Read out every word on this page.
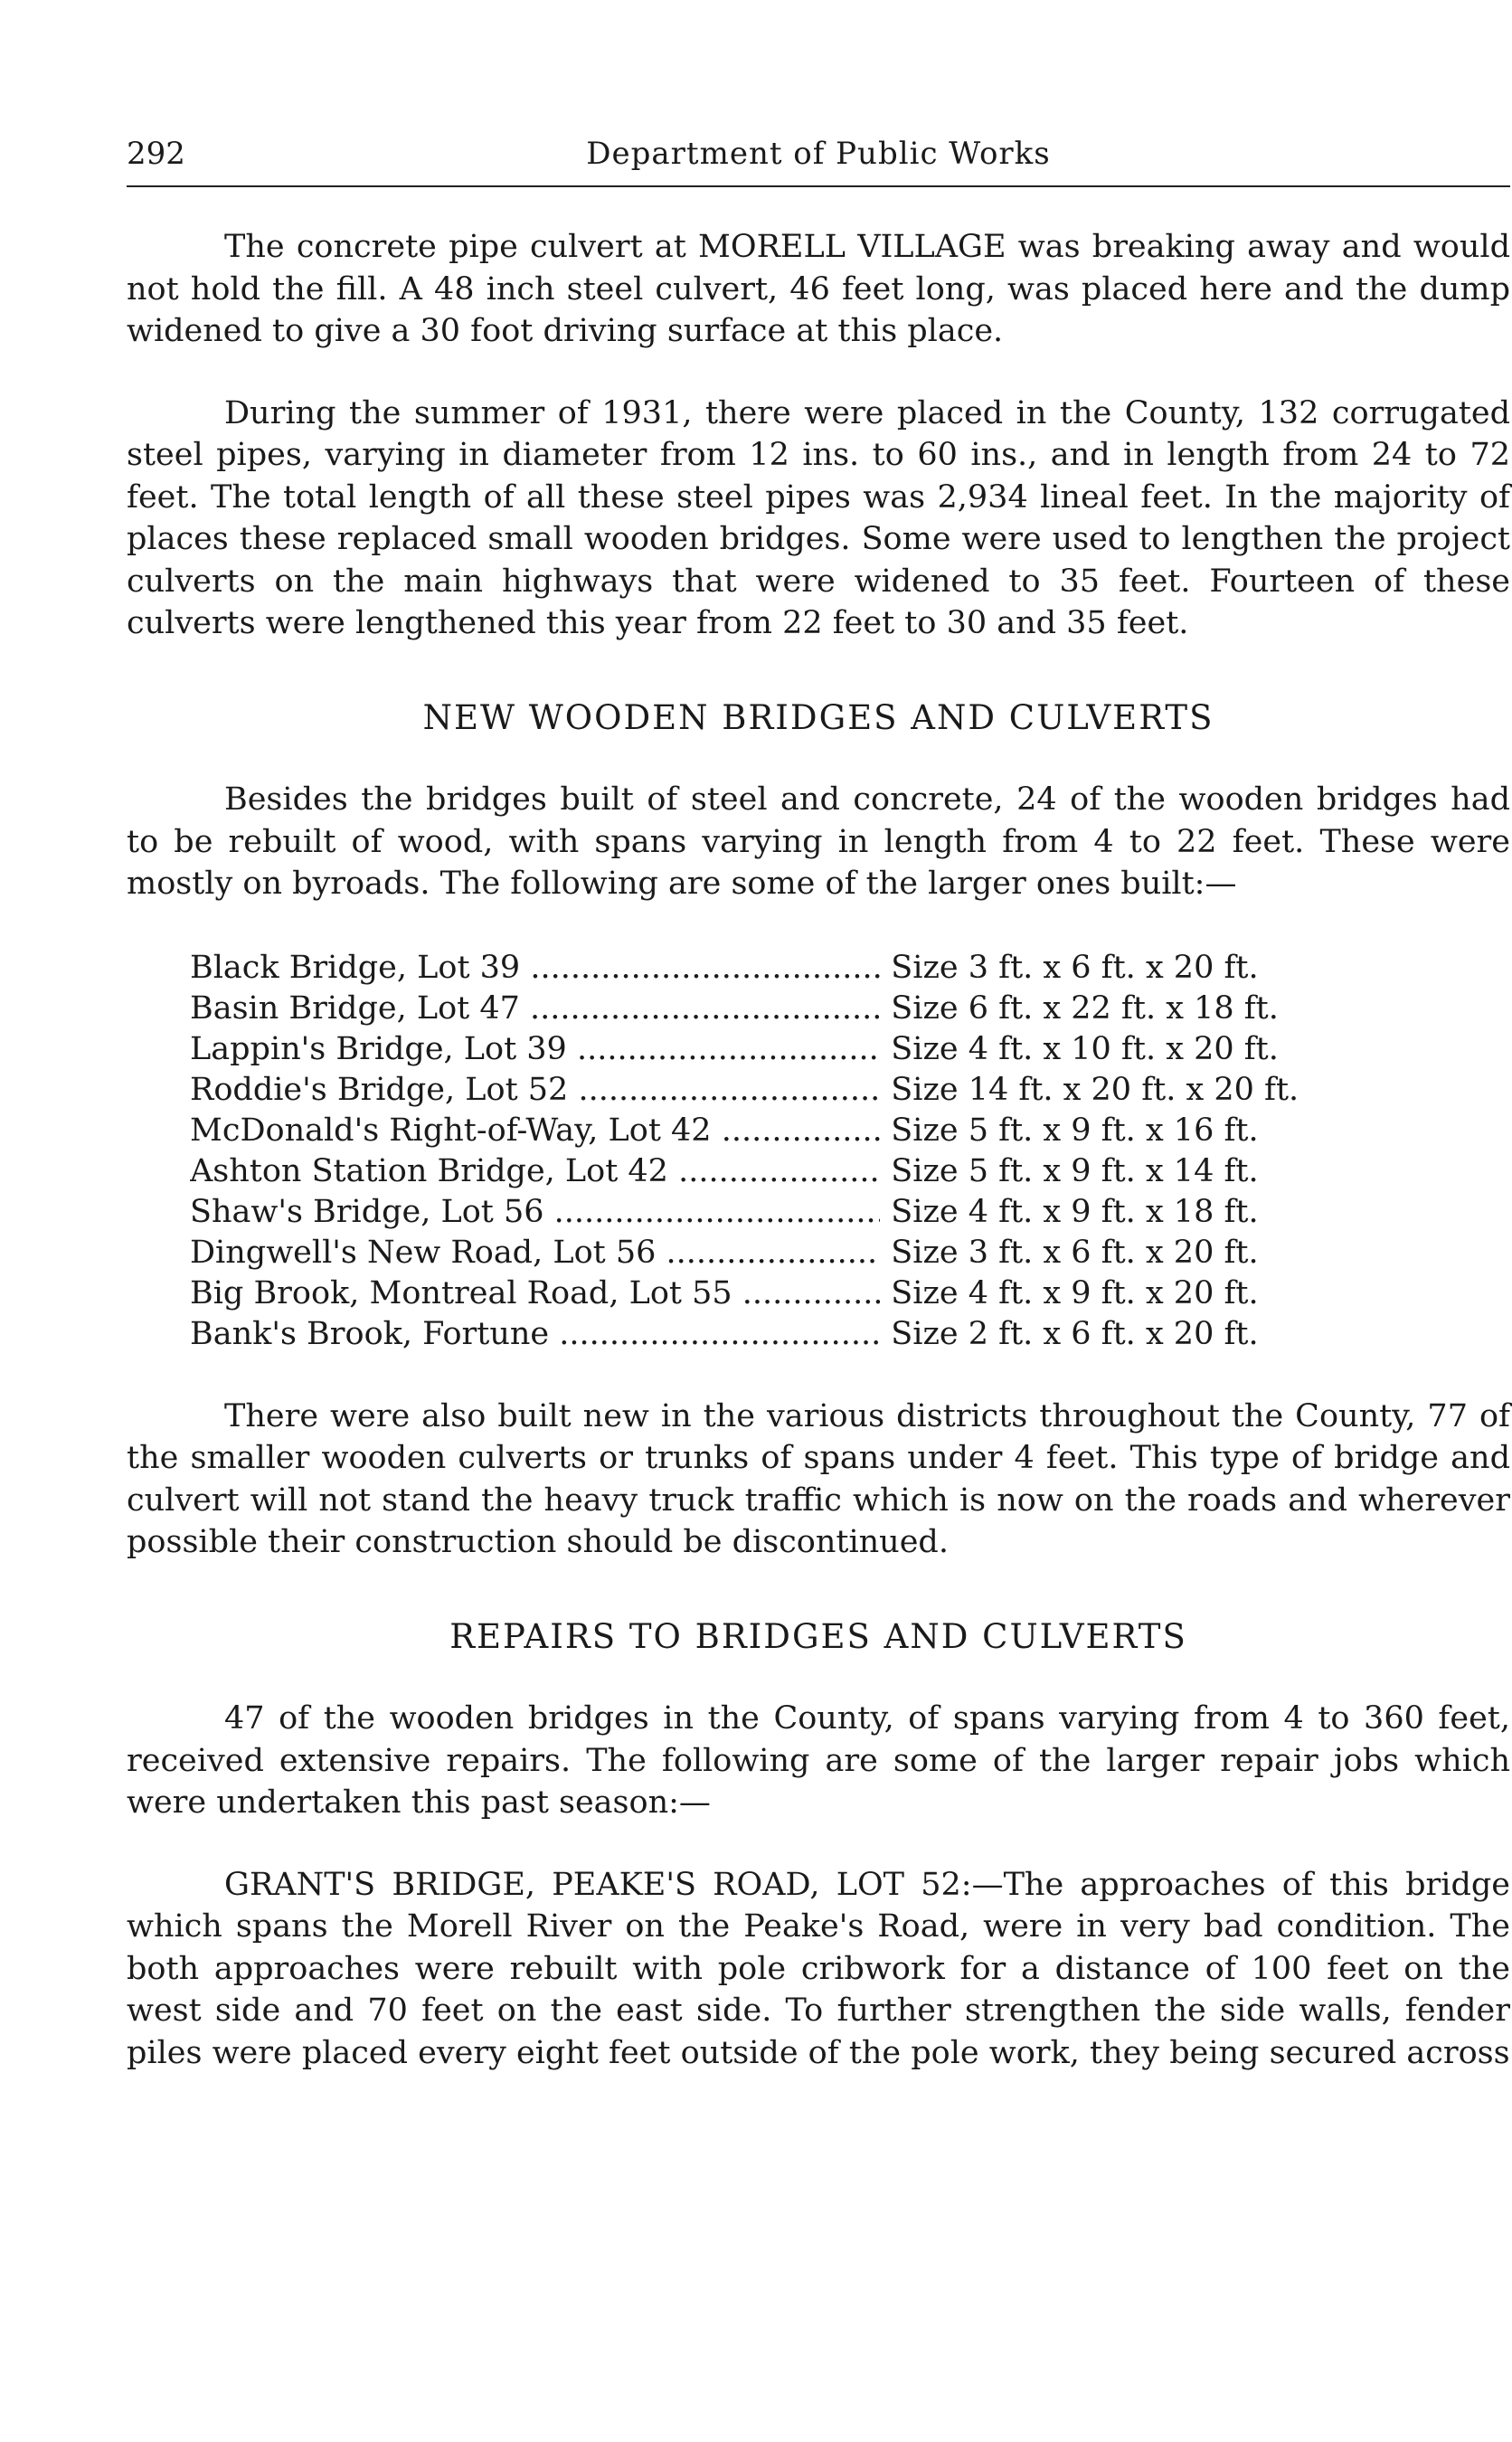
292	Department of Public Works

The concrete pipe culvert at MORELL VILLAGE was breaking away and would not hold the fill. A 48 inch steel culvert, 46 feet long, was placed here and the dump widened to give a 30 foot driving surface at this place.

During the summer of 1931, there were placed in the County, 132 corrugated steel pipes, varying in diameter from 12 ins. to 60 ins., and in length from 24 to 72 feet. The total length of all these steel pipes was 2,934 lineal feet. In the majority of places these replaced small wooden bridges. Some were used to lengthen the project culverts on the main highways that were widened to 35 feet. Fourteen of these culverts were lengthened this year from 22 feet to 30 and 35 feet.

NEW WOODEN BRIDGES AND CULVERTS

Besides the bridges built of steel and concrete, 24 of the wooden bridges had to be rebuilt of wood, with spans varying in length from 4 to 22 feet. These were mostly on byroads. The following are some of the larger ones built:—

Black Bridge, Lot 39 .....	Size 3 ft. x 6 ft. x 20 ft.
Basin Bridge, Lot 47 .....	Size 6 ft. x 22 ft. x 18 ft.
Lappin's Bridge, Lot 39 .....	Size 4 ft. x 10 ft. x 20 ft.
Roddie's Bridge, Lot 52 .....	Size 14 ft. x 20 ft. x 20 ft.
McDonald's Right-of-Way, Lot 42 .....	Size 5 ft. x 9 ft. x 16 ft.
Ashton Station Bridge, Lot 42 .....	Size 5 ft. x 9 ft. x 14 ft.
Shaw's Bridge, Lot 56 .....	Size 4 ft. x 9 ft. x 18 ft.
Dingwell's New Road, Lot 56 .....	Size 3 ft. x 6 ft. x 20 ft.
Big Brook, Montreal Road, Lot 55 .....	Size 4 ft. x 9 ft. x 20 ft.
Bank's Brook, Fortune .....	Size 2 ft. x 6 ft. x 20 ft.

There were also built new in the various districts throughout the County, 77 of the smaller wooden culverts or trunks of spans under 4 feet. This type of bridge and culvert will not stand the heavy truck traffic which is now on the roads and wherever possible their construction should be discontinued.

REPAIRS TO BRIDGES AND CULVERTS

47 of the wooden bridges in the County, of spans varying from 4 to 360 feet, received extensive repairs. The following are some of the larger repair jobs which were undertaken this past season:—

GRANT'S BRIDGE, PEAKE'S ROAD, LOT 52:—The approaches of this bridge which spans the Morell River on the Peake's Road, were in very bad condition. The both approaches were rebuilt with pole cribwork for a distance of 100 feet on the west side and 70 feet on the east side. To further strengthen the side walls, fender piles were placed every eight feet outside of the pole work, they being secured across
